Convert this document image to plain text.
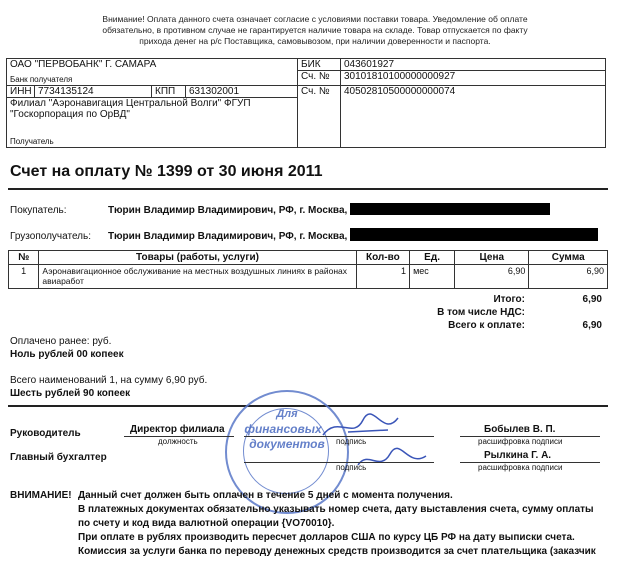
Внимание! Оплата данного счета означает согласие с условиями поставки товара. Уведомление об оплате
обязательно, в противном случае не гарантируется наличие товара на складе. Товар отпускается по факту
прихода денег на р/с Поставщика, самовывозом, при наличии доверенности и паспорта.
ОАО "ПЕРВОБАНК" Г. САМАРА
Банк получателя
БИК	043601927
Сч. №	30101810100000000927
ИНН 7734135124	КПП	631302001	Сч. №	40502810500000000074
Филиал "Аэронавигация Центральной Волги" ФГУП
"Госкорпорация по ОрВД"
Получатель
Счет на оплату № 1399 от 30 июня 2011
Покупатель:	Тюрин Владимир Владимирович, РФ, г. Москва,
Грузополучатель: Тюрин Владимир Владимирович, РФ, г. Москва,
№	Товары (работы, услуги)	Кол-во	Ед.	Цена	Сумма
1	Аэронавигационное обслуживание на местных воздушных линиях в районах авиаработ	1	мес	6,90	6,90
Итого:	6,90
В том числе НДС:
Всего к оплате:	6,90
Оплачено ранее: руб.
Ноль рублей 00 копеек
Всего наименований 1, на сумму 6,90 руб.
Шесть рублей 90 копеек
Для
финансовых
документов
Руководитель	Директор филиала
должность	подпись
Бобылев В. П.
расшифровка подписи
Главный бухгалтер
подпись
Рылкина Г. А.
расшифровка подписи
ВНИМАНИЕ! Данный счет должен быть оплачен в течение 5 дней с момента получения.
В платежных документах обязательно указывать номер счета, дату выставления счета, сумму оплаты
по счету и код вида валютной операции {VO70010}.
При оплате в рублях производить пересчет долларов США по курсу ЦБ РФ на дату выписки счета.
Комиссия за услуги банка по переводу денежных средств производится за счет плательщика (заказчик
